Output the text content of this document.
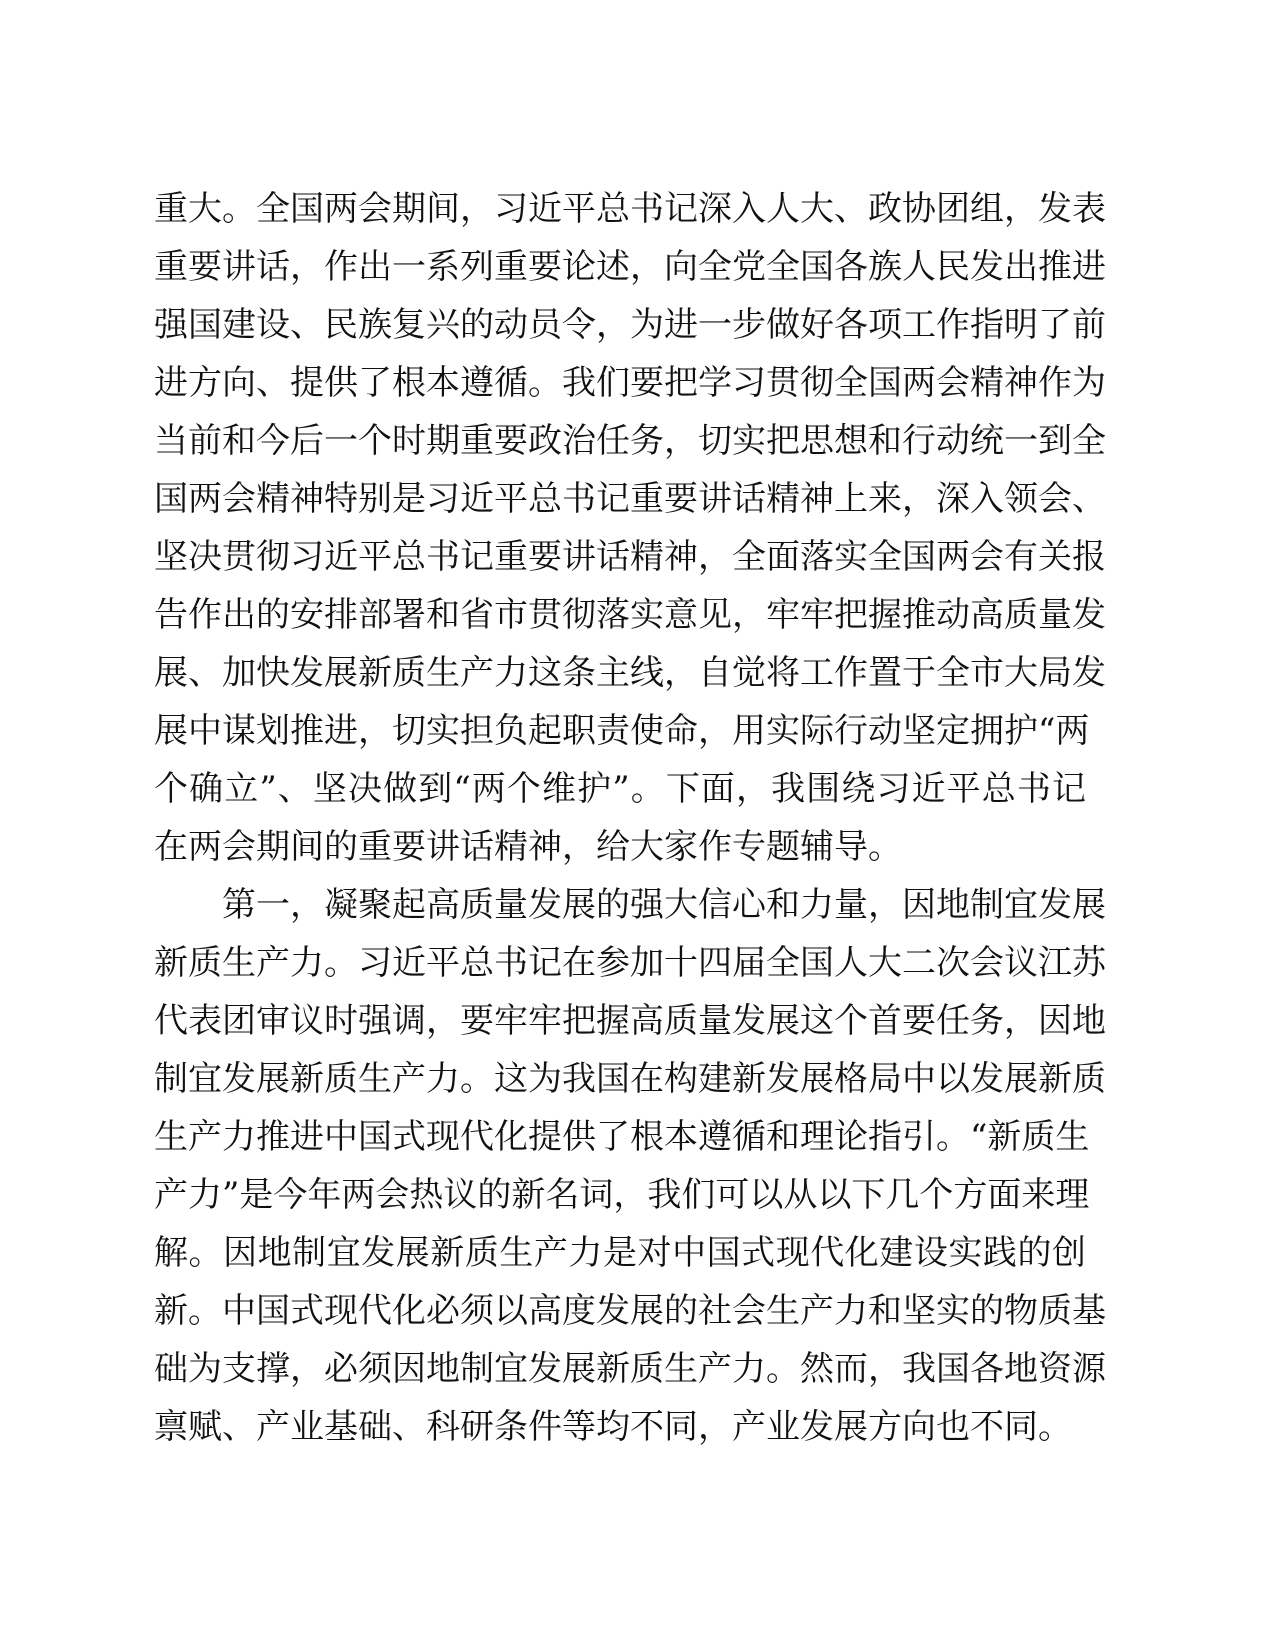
重大。全国两会期间，习近平总书记深入人大、政协团组，发表
重要讲话，作出一系列重要论述，向全党全国各族人民发出推进
强国建设、民族复兴的动员令，为进一步做好各项工作指明了前
进方向、提供了根本遵循。我们要把学习贯彻全国两会精神作为
当前和今后一个时期重要政治任务，切实把思想和行动统一到全
国两会精神特别是习近平总书记重要讲话精神上来，深入领会、
坚决贯彻习近平总书记重要讲话精神，全面落实全国两会有关报
告作出的安排部署和省市贯彻落实意见，牢牢把握推动高质量发
展、加快发展新质生产力这条主线，自觉将工作置于全市大局发
展中谋划推进，切实担负起职责使命，用实际行动坚定拥护“两
个确立”、坚决做到“两个维护”。下面，我围绕习近平总书记
在两会期间的重要讲话精神，给大家作专题辅导。
第一，凝聚起高质量发展的强大信心和力量，因地制宜发展
新质生产力。习近平总书记在参加十四届全国人大二次会议江苏
代表团审议时强调，要牢牢把握高质量发展这个首要任务，因地
制宜发展新质生产力。这为我国在构建新发展格局中以发展新质
生产力推进中国式现代化提供了根本遵循和理论指引。“新质生
产力”是今年两会热议的新名词，我们可以从以下几个方面来理
解。因地制宜发展新质生产力是对中国式现代化建设实践的创
新。中国式现代化必须以高度发展的社会生产力和坚实的物质基
础为支撑，必须因地制宜发展新质生产力。然而，我国各地资源
禀赋、产业基础、科研条件等均不同，产业发展方向也不同。
